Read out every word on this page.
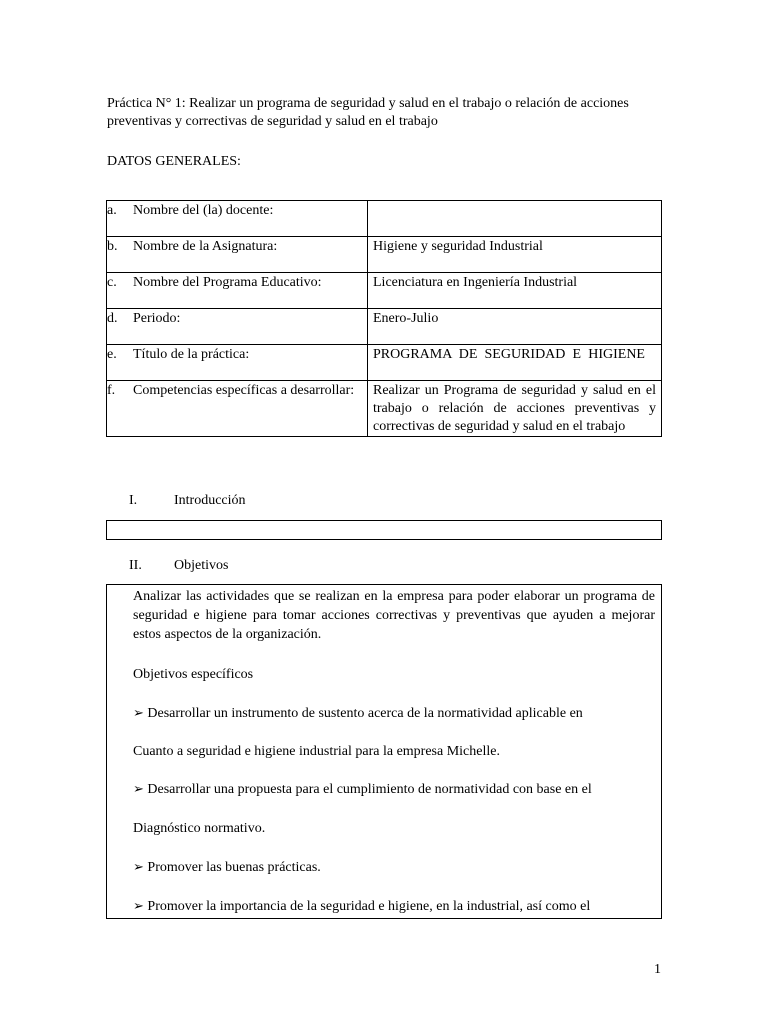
Práctica N° 1: Realizar un programa de seguridad y salud en el trabajo o relación de acciones preventivas y correctivas de seguridad y salud en el trabajo
DATOS GENERALES:
a. Nombre del (la) docente:	
b. Nombre de la Asignatura:	Higiene y seguridad Industrial
c. Nombre del Programa Educativo:	Licenciatura en Ingeniería Industrial
d. Periodo:	Enero-Julio
e. Título de la práctica:	PROGRAMA DE SEGURIDAD E HIGIENE

f. Competencias específicas a desarrollar:	Realizar un Programa de seguridad y salud en el trabajo o relación de acciones preventivas y correctivas de seguridad y salud en el trabajo
I.	Introducción
II. Objetivos

Analizar las actividades que se realizan en la empresa para poder elaborar un programa de seguridad e higiene para tomar acciones correctivas y preventivas que ayuden a mejorar estos aspectos de la organización.

Objetivos específicos

➢ Desarrollar un instrumento de sustento acerca de la normatividad aplicable en

Cuanto a seguridad e higiene industrial para la empresa Michelle.

➢ Desarrollar una propuesta para el cumplimiento de normatividad con base en el

Diagnóstico normativo.

➢ Promover las buenas prácticas.

➢ Promover la importancia de la seguridad e higiene, en la industrial, así como el

1
